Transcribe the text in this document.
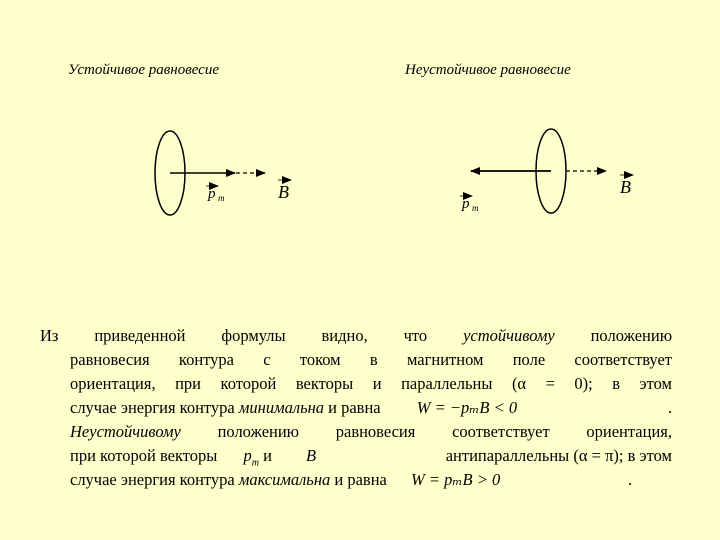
Устойчивое равновесие	Неустойчивое равновесие
p m	B
p m
B
Из приведенной формулы видно, что устойчивому положению
равновесия контура с током в магнитном поле соответствует
ориентация, при которой векторы и параллельны (α = 0); в этом
случае энергия контура минимальна и равна W = −pₘB < 0	.
Неустойчивому положению равновесия соответствует ориентация,
при которой векторы $p_m$ и B	антипараллельны (α = π); в этом
случае энергия контура максимальна и равна W = pₘB > 0	.
